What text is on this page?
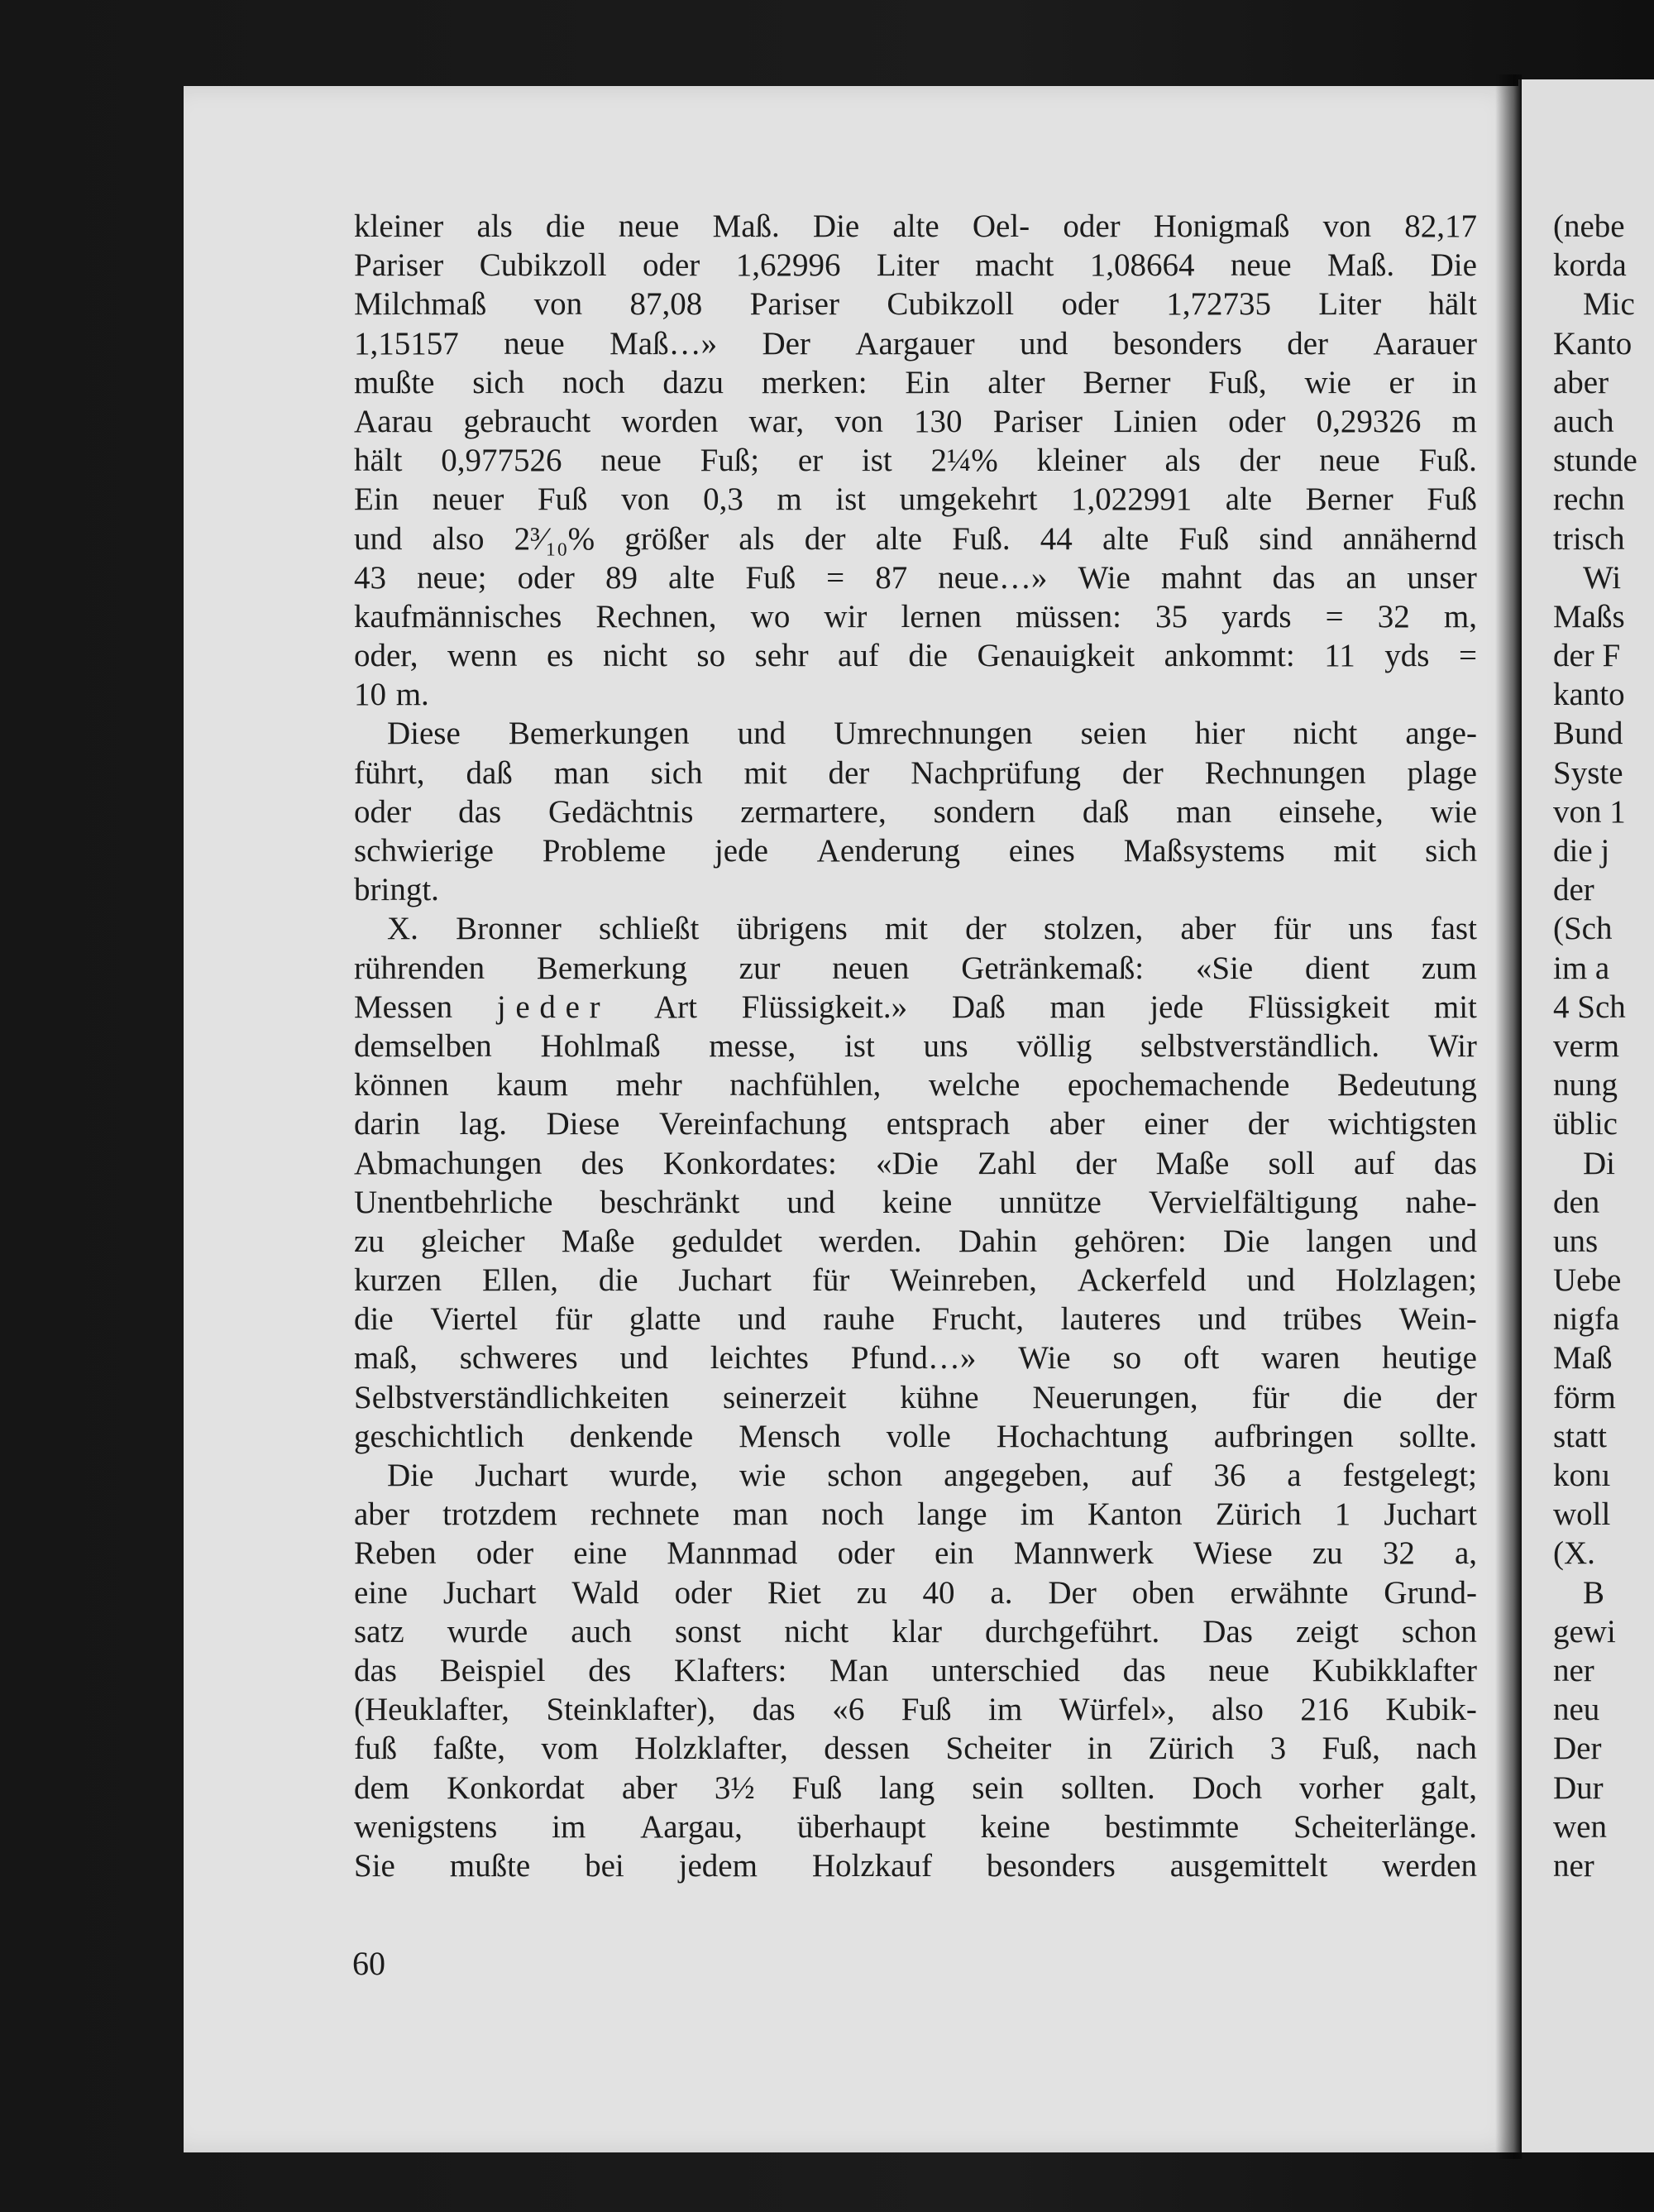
kleiner als die neue Maß. Die alte Oel- oder Honigmaß von 82,17
Pariser Cubikzoll oder 1,62996 Liter macht 1,08664 neue Maß. Die
Milchmaß von 87,08 Pariser Cubikzoll oder 1,72735 Liter hält
1,15157 neue Maß…» Der Aargauer und besonders der Aarauer
mußte sich noch dazu merken: Ein alter Berner Fuß, wie er in
Aarau gebraucht worden war, von 130 Pariser Linien oder 0,29326 m
hält 0,977526 neue Fuß; er ist 2¼% kleiner als der neue Fuß.
Ein neuer Fuß von 0,3 m ist umgekehrt 1,022991 alte Berner Fuß
und also 2³⁄₁₀% größer als der alte Fuß. 44 alte Fuß sind annähernd
43 neue; oder 89 alte Fuß = 87 neue…» Wie mahnt das an unser
kaufmännisches Rechnen, wo wir lernen müssen: 35 yards = 32 m,
oder, wenn es nicht so sehr auf die Genauigkeit ankommt: 11 yds =
10 m.
Diese Bemerkungen und Umrechnungen seien hier nicht ange-
führt, daß man sich mit der Nachprüfung der Rechnungen plage
oder das Gedächtnis zermartere, sondern daß man einsehe, wie
schwierige Probleme jede Aenderung eines Maßsystems mit sich
bringt.
X. Bronner schließt übrigens mit der stolzen, aber für uns fast
rührenden Bemerkung zur neuen Getränkemaß: «Sie dient zum
Messen jeder Art Flüssigkeit.» Daß man jede Flüssigkeit mit
demselben Hohlmaß messe, ist uns völlig selbstverständlich. Wir
können kaum mehr nachfühlen, welche epochemachende Bedeutung
darin lag. Diese Vereinfachung entsprach aber einer der wichtigsten
Abmachungen des Konkordates: «Die Zahl der Maße soll auf das
Unentbehrliche beschränkt und keine unnütze Vervielfältigung nahe-
zu gleicher Maße geduldet werden. Dahin gehören: Die langen und
kurzen Ellen, die Juchart für Weinreben, Ackerfeld und Holzlagen;
die Viertel für glatte und rauhe Frucht, lauteres und trübes Wein-
maß, schweres und leichtes Pfund…» Wie so oft waren heutige
Selbstverständlichkeiten seinerzeit kühne Neuerungen, für die der
geschichtlich denkende Mensch volle Hochachtung aufbringen sollte.
Die Juchart wurde, wie schon angegeben, auf 36 a festgelegt;
aber trotzdem rechnete man noch lange im Kanton Zürich 1 Juchart
Reben oder eine Mannmad oder ein Mannwerk Wiese zu 32 a,
eine Juchart Wald oder Riet zu 40 a. Der oben erwähnte Grund-
satz wurde auch sonst nicht klar durchgeführt. Das zeigt schon
das Beispiel des Klafters: Man unterschied das neue Kubikklafter
(Heuklafter, Steinklafter), das «6 Fuß im Würfel», also 216 Kubik-
fuß faßte, vom Holzklafter, dessen Scheiter in Zürich 3 Fuß, nach
dem Konkordat aber 3½ Fuß lang sein sollten. Doch vorher galt,
wenigstens im Aargau, überhaupt keine bestimmte Scheiterlänge.
Sie mußte bei jedem Holzkauf besonders ausgemittelt werden
60
(nebe
korda
Mic
Kanto
aber
auch
stunde
rechn
trisch
Wi
Maßs
der F
kanto
Bund
Syste
von 1
die j
der
(Sch
im a
4 Sch
verm
nung
üblic
Di
den
uns
Uebe
nigfa
Maß
förm
statt
konı
woll
(X.
B
gewi
ner
neu
Der
Dur
wen
ner
